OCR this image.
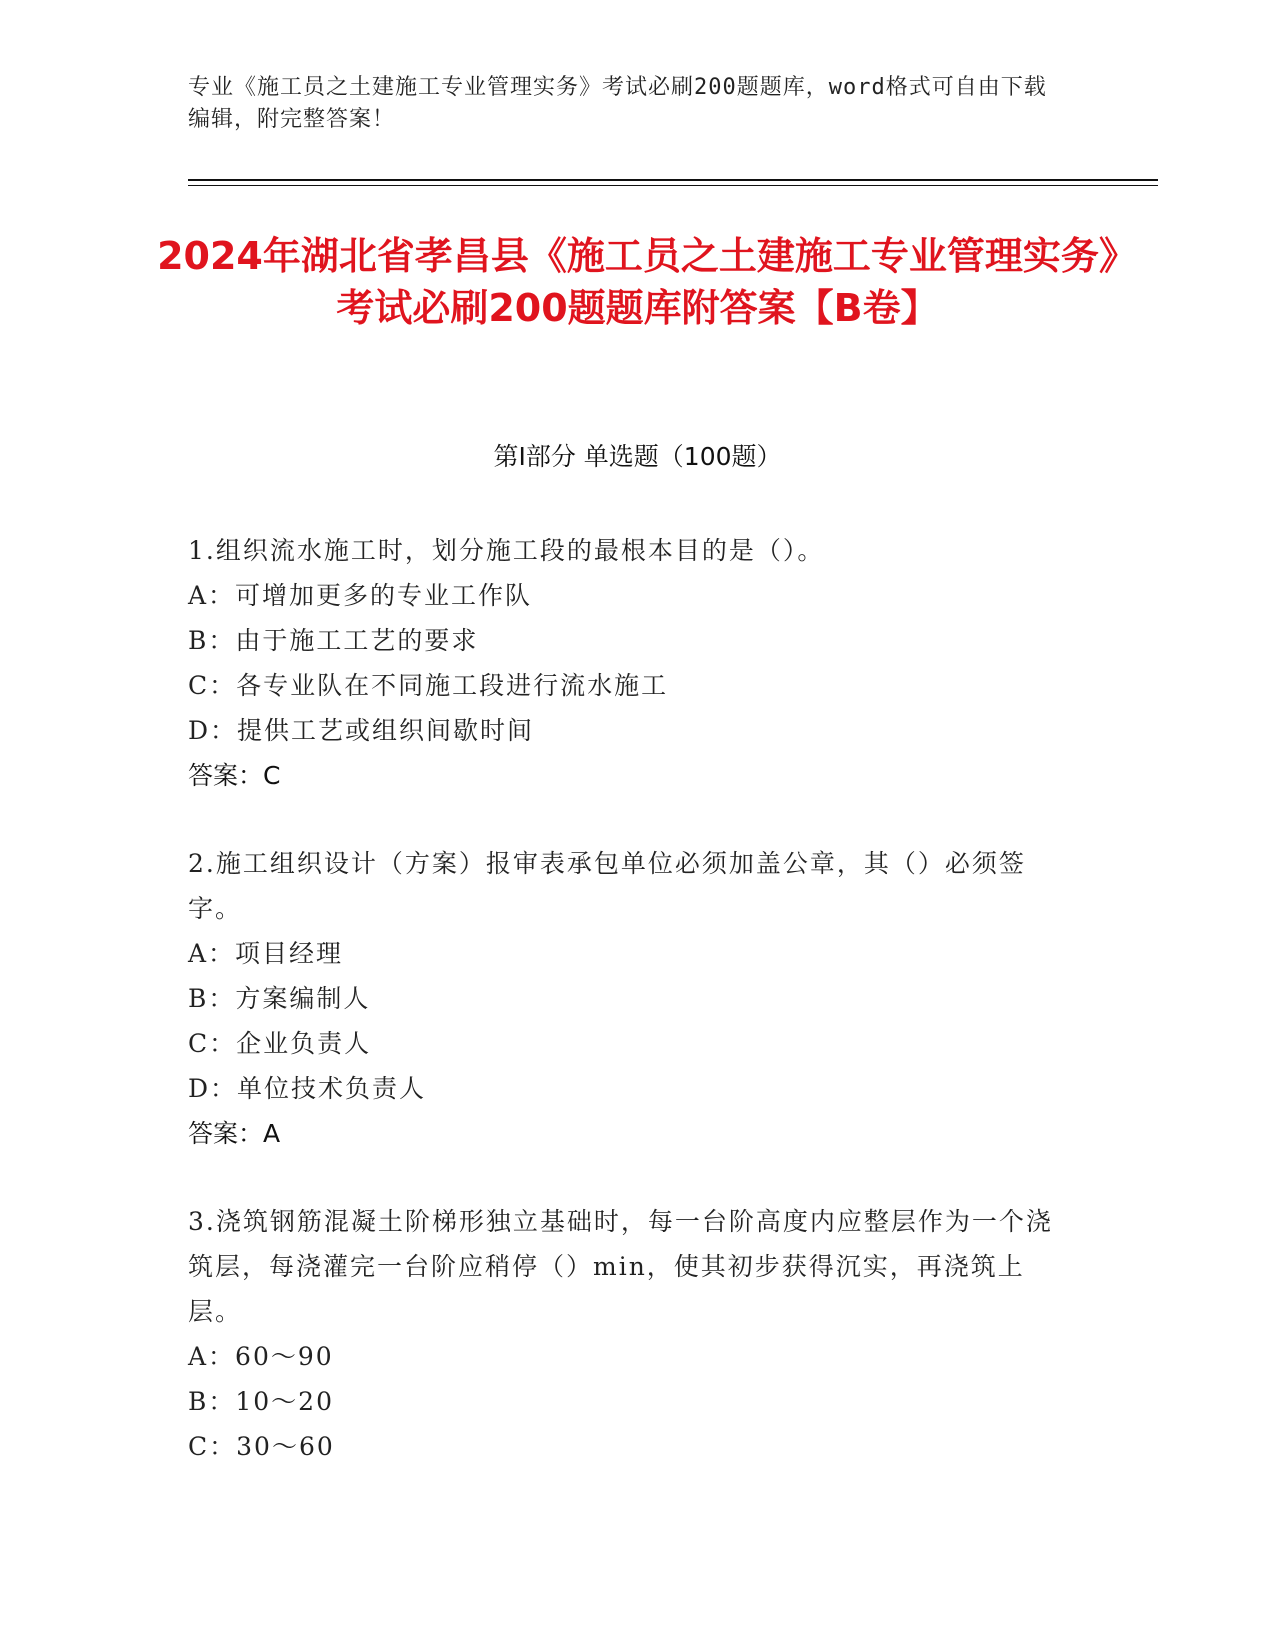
专业《施工员之土建施工专业管理实务》考试必刷200题题库，word格式可自由下载编辑，附完整答案！
2024年湖北省孝昌县《施工员之土建施工专业管理实务》考试必刷200题题库附答案【B卷】
第Ⅰ部分 单选题（100题）
1.组织流水施工时，划分施工段的最根本目的是（）。
A：可增加更多的专业工作队
B：由于施工工艺的要求
C：各专业队在不同施工段进行流水施工
D：提供工艺或组织间歇时间
答案：C
2.施工组织设计（方案）报审表承包单位必须加盖公章，其（）必须签字。
A：项目经理
B：方案编制人
C：企业负责人
D：单位技术负责人
答案：A
3.浇筑钢筋混凝土阶梯形独立基础时，每一台阶高度内应整层作为一个浇筑层，每浇灌完一台阶应稍停（）min，使其初步获得沉实，再浇筑上层。
A：60～90
B：10～20
C：30～60
